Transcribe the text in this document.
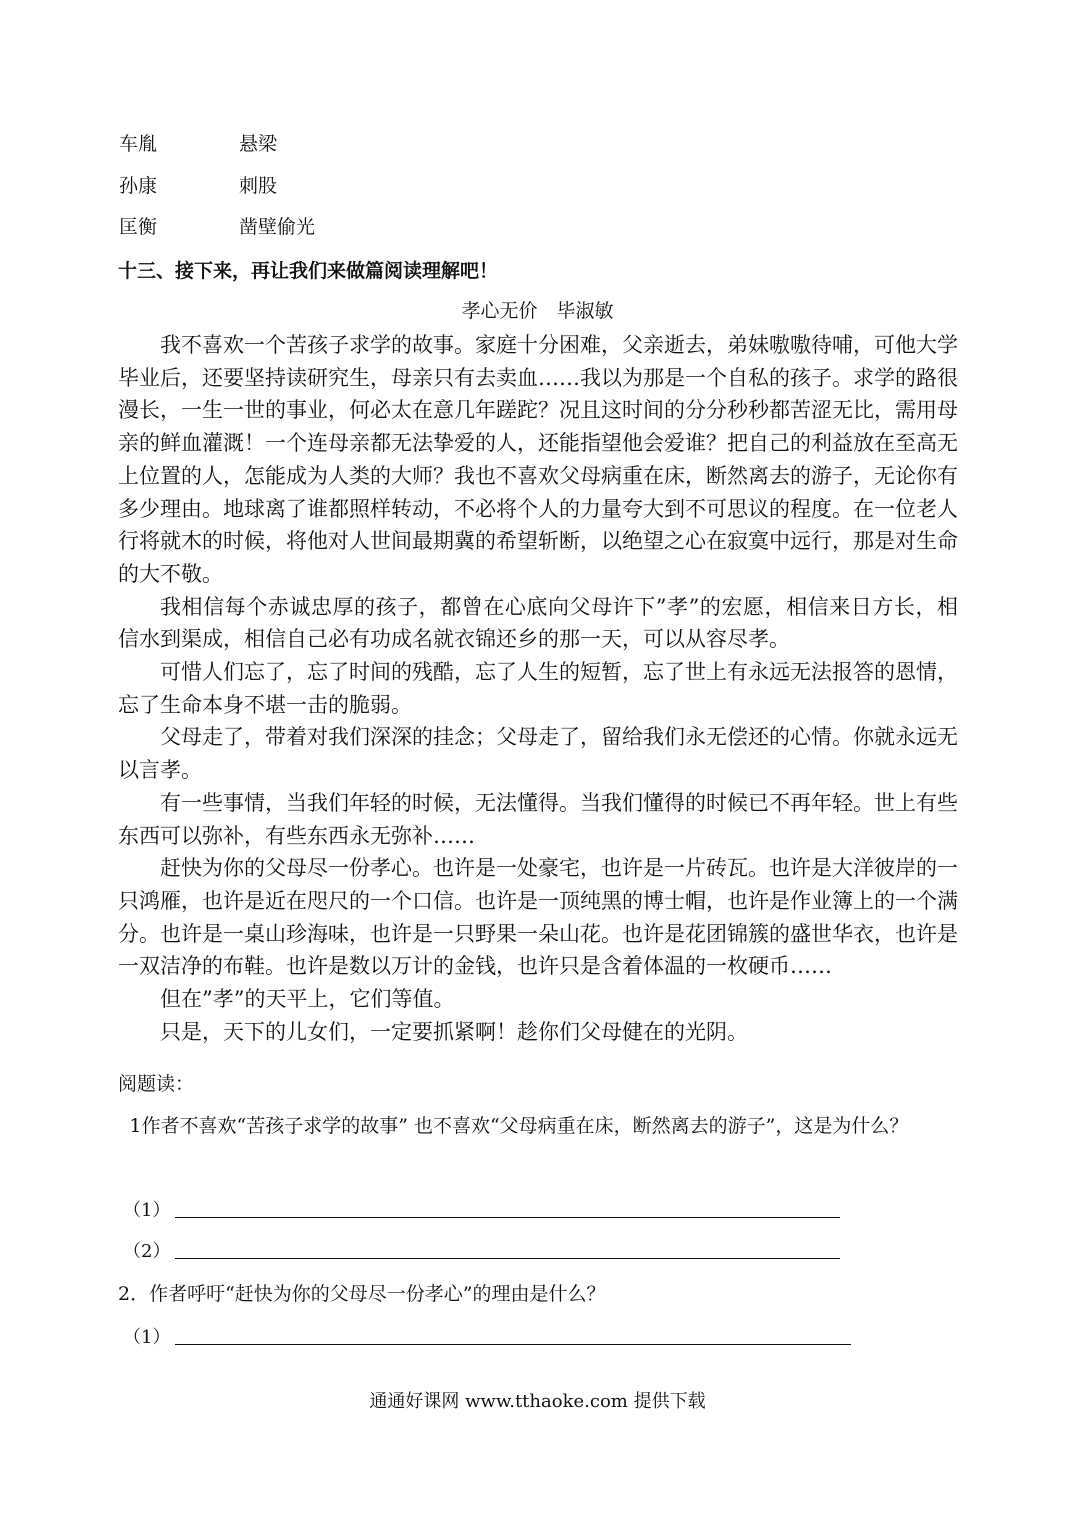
车胤	悬梁
孙康	刺股
匡衡	凿壁偷光
十三、接下来，再让我们来做篇阅读理解吧！
孝心无价　毕淑敏

我不喜欢一个苦孩子求学的故事。家庭十分困难，父亲逝去，弟妹嗷嗷待哺，可他大学毕业后，还要坚持读研究生，母亲只有去卖血……我以为那是一个自私的孩子。求学的路很漫长，一生一世的事业，何必太在意几年蹉跎？况且这时间的分分秒秒都苦涩无比，需用母亲的鲜血灌溉！一个连母亲都无法挚爱的人，还能指望他会爱谁？把自己的利益放在至高无上位置的人，怎能成为人类的大师？我也不喜欢父母病重在床，断然离去的游子，无论你有多少理由。地球离了谁都照样转动，不必将个人的力量夸大到不可思议的程度。在一位老人行将就木的时候，将他对人世间最期冀的希望斩断，以绝望之心在寂寞中远行，那是对生命的大不敬。

我相信每个赤诚忠厚的孩子，都曾在心底向父母许下”孝”的宏愿，相信来日方长，相信水到渠成，相信自己必有功成名就衣锦还乡的那一天，可以从容尽孝。

可惜人们忘了，忘了时间的残酷，忘了人生的短暂，忘了世上有永远无法报答的恩情，忘了生命本身不堪一击的脆弱。

父母走了，带着对我们深深的挂念；父母走了，留给我们永无偿还的心情。你就永远无以言孝。

有一些事情，当我们年轻的时候，无法懂得。当我们懂得的时候已不再年轻。世上有些东西可以弥补，有些东西永无弥补……

赶快为你的父母尽一份孝心。也许是一处豪宅，也许是一片砖瓦。也许是大洋彼岸的一只鸿雁，也许是近在咫尺的一个口信。也许是一顶纯黑的博士帽，也许是作业簿上的一个满分。也许是一桌山珍海味，也许是一只野果一朵山花。也许是花团锦簇的盛世华衣，也许是一双洁净的布鞋。也许是数以万计的金钱，也许只是含着体温的一枚硬币……

但在”孝”的天平上，它们等值。

只是，天下的儿女们，一定要抓紧啊！趁你们父母健在的光阴。

阅题读：
1作者不喜欢“苦孩子求学的故事” 也不喜欢“父母病重在床，断然离去的游子”，这是为什么？
（1）
（2）
2．作者呼吁“赶快为你的父母尽一份孝心”的理由是什么？
（1）
通通好课网 www.tthaoke.com 提供下载
